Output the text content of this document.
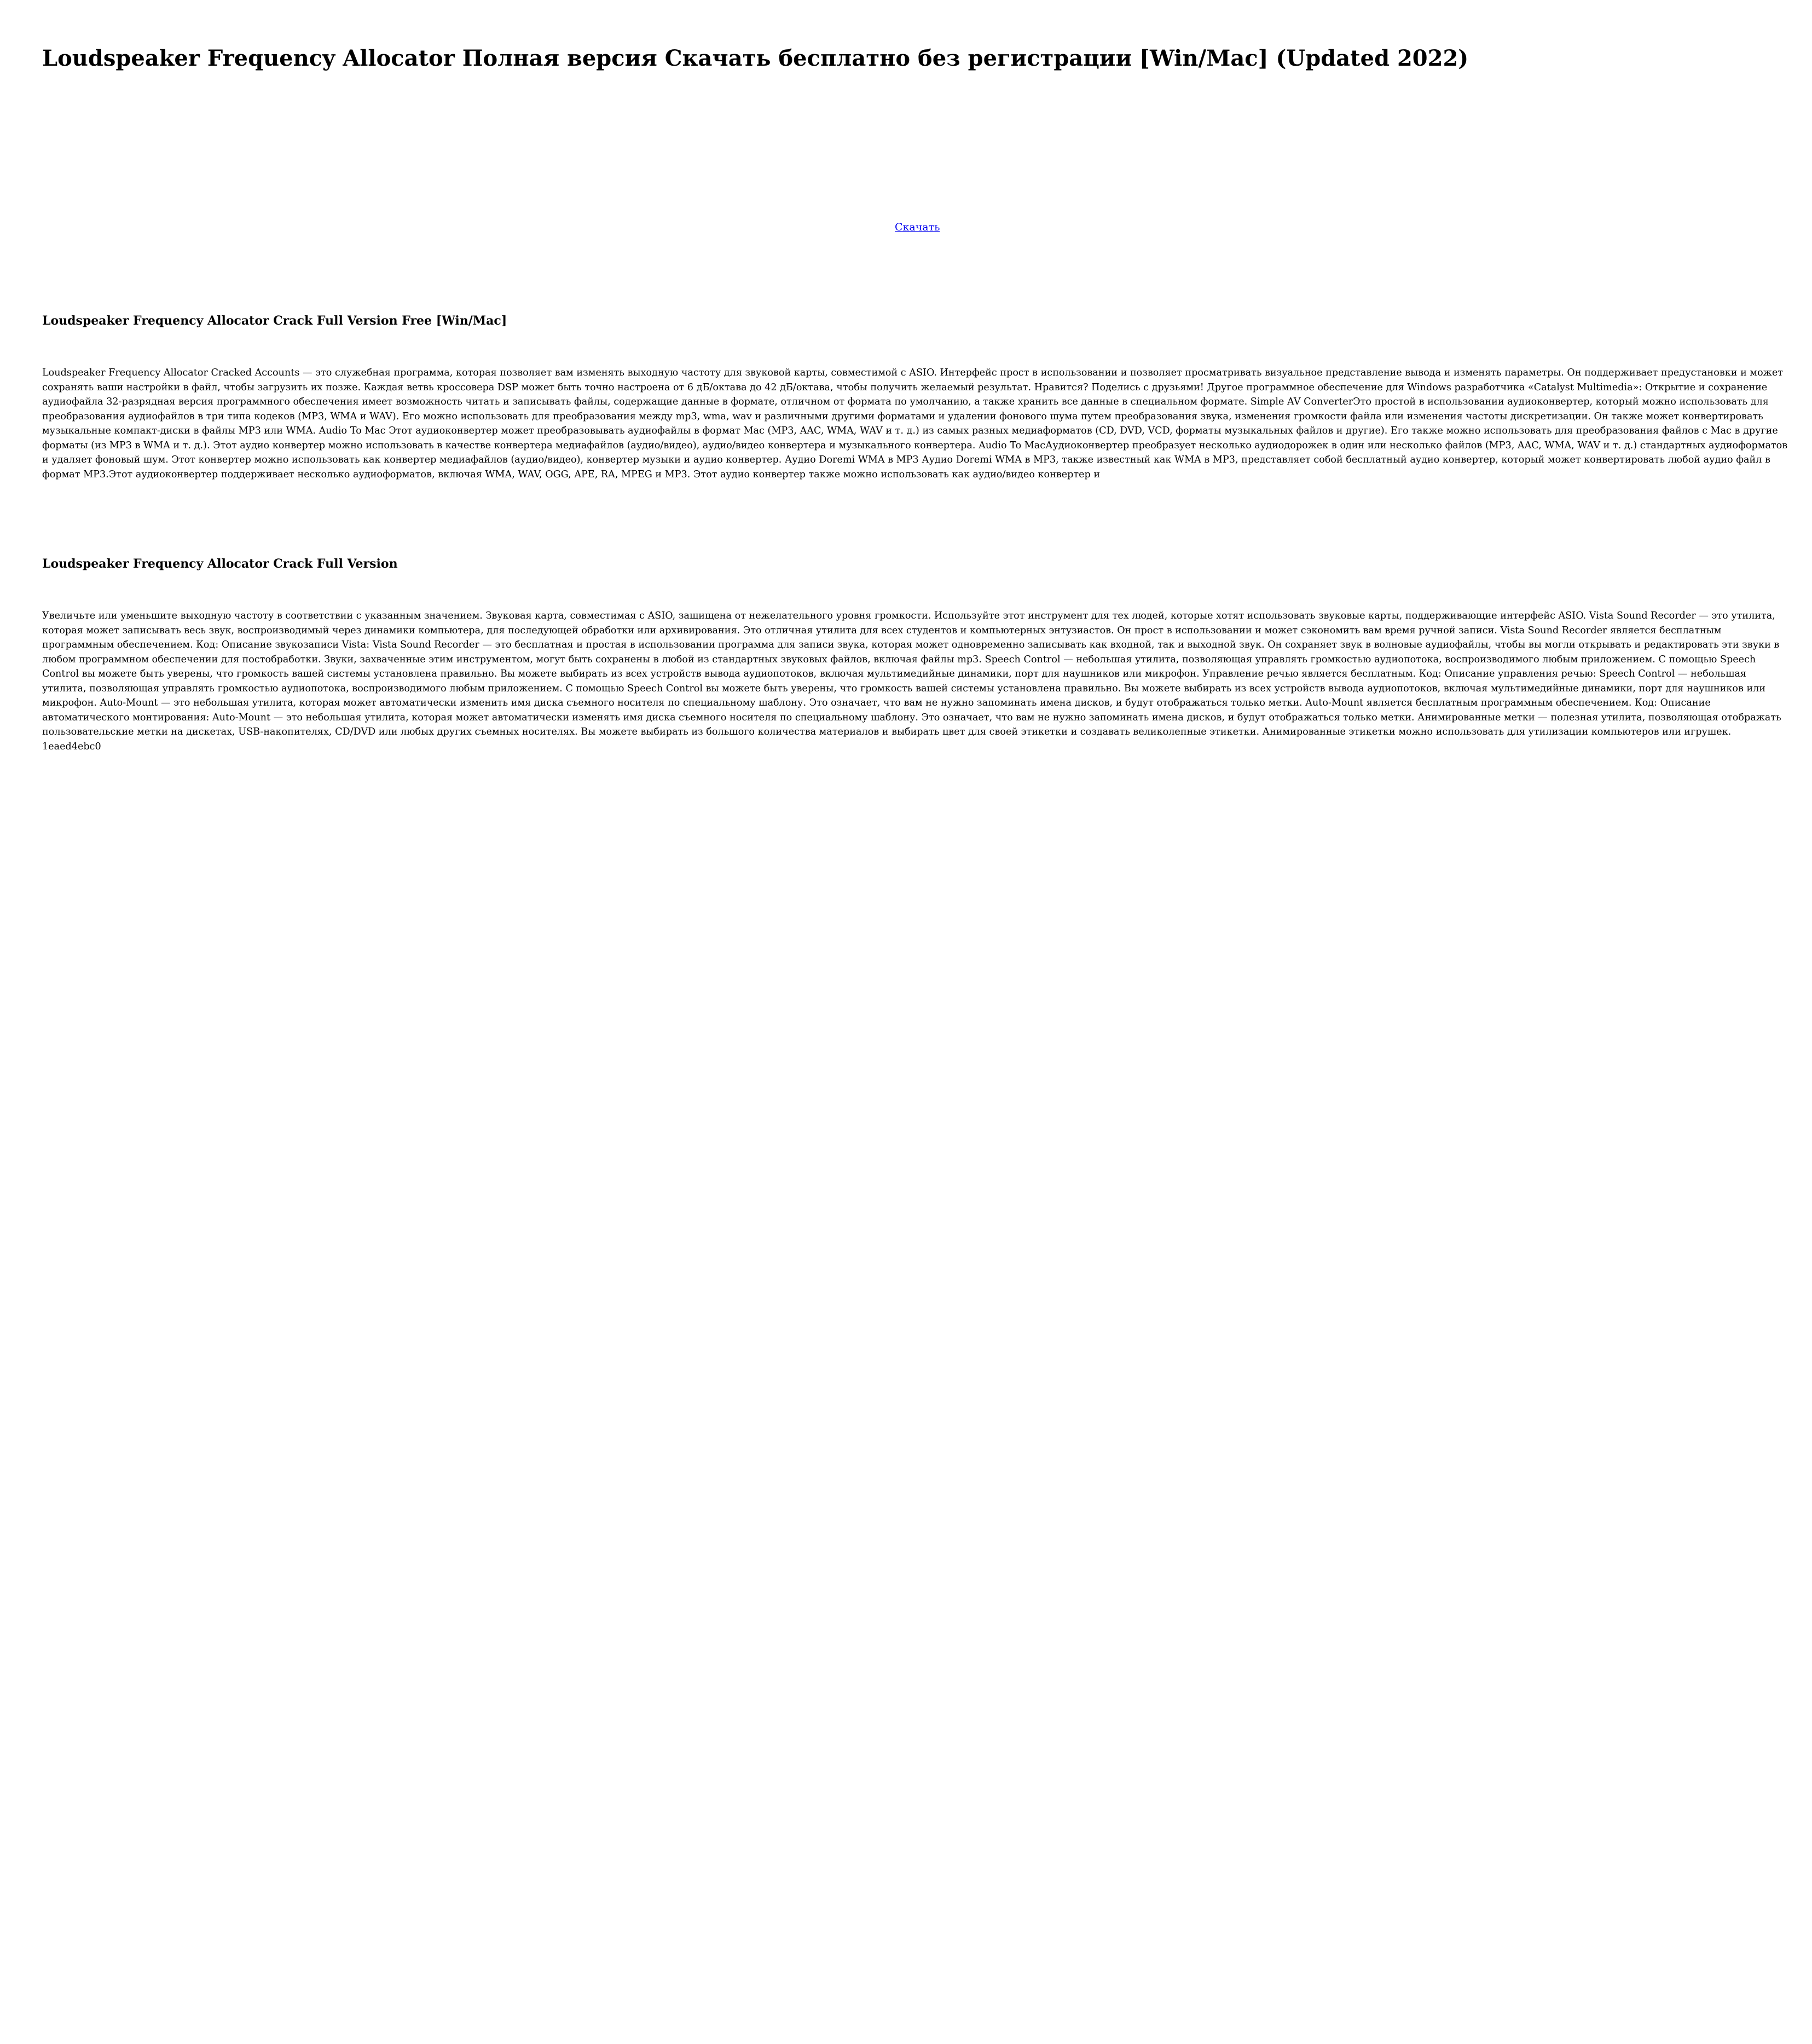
Loudspeaker Frequency Allocator Полная версия Скачать бесплатно без регистрации [Win/Mac] (Updated 2022)
Скачать
Loudspeaker Frequency Allocator Crack Full Version Free [Win/Mac]

Loudspeaker Frequency Allocator Cracked Accounts — это служебная программа, которая позволяет вам изменять выходную частоту для звуковой карты, совместимой с ASIO. Интерфейс прост в использовании и позволяет просматривать визуальное представление вывода и изменять параметры. Он поддерживает предустановки и может сохранять ваши настройки в файл, чтобы загрузить их позже. Каждая ветвь кроссовера DSP может быть точно настроена от 6 дБ/октава до 42 дБ/октава, чтобы получить желаемый результат. Нравится? Поделись с друзьями! Другое программное обеспечение для Windows разработчика «Catalyst Multimedia»: Открытие и сохранение аудиофайла 32-разрядная версия программного обеспечения имеет возможность читать и записывать файлы, содержащие данные в формате, отличном от формата по умолчанию, а также хранить все данные в специальном формате. Simple AV ConverterЭто простой в использовании аудиоконвертер, который можно использовать для преобразования аудиофайлов в три типа кодеков (MP3, WMA и WAV). Его можно использовать для преобразования между mp3, wma, wav и различными другими форматами и удалении фонового шума путем преобразования звука, изменения громкости файла или изменения частоты дискретизации. Он также может конвертировать музыкальные компакт-диски в файлы MP3 или WMA. Audio To Mac Этот аудиоконвертер может преобразовывать аудиофайлы в формат Mac (MP3, AAC, WMA, WAV и т. д.) из самых разных медиаформатов (CD, DVD, VCD, форматы музыкальных файлов и другие). Его также можно использовать для преобразования файлов с Mac в другие форматы (из MP3 в WMA и т. д.). Этот аудио конвертер можно использовать в качестве конвертера медиафайлов (аудио/видео), аудио/видео конвертера и музыкального конвертера. Audio To MacАудиоконвертер преобразует несколько аудиодорожек в один или несколько файлов (MP3, AAC, WMA, WAV и т. д.) стандартных аудиоформатов и удаляет фоновый шум. Этот конвертер можно использовать как конвертер медиафайлов (аудио/видео), конвертер музыки и аудио конвертер. Аудио Doremi WMA в MP3 Аудио Doremi WMA в MP3, также известный как WMA в MP3, представляет собой бесплатный аудио конвертер, который может конвертировать любой аудио файл в формат MP3.Этот аудиоконвертер поддерживает несколько аудиоформатов, включая WMA, WAV, OGG, APE, RA, MPEG и MP3. Этот аудио конвертер также можно использовать как аудио/видео конвертер и

Loudspeaker Frequency Allocator Crack Full Version

Увеличьте или уменьшите выходную частоту в соответствии с указанным значением. Звуковая карта, совместимая с ASIO, защищена от нежелательного уровня громкости. Используйте этот инструмент для тех людей, которые хотят использовать звуковые карты, поддерживающие интерфейс ASIO. Vista Sound Recorder — это утилита, которая может записывать весь звук, воспроизводимый через динамики компьютера, для последующей обработки или архивирования. Это отличная утилита для всех студентов и компьютерных энтузиастов. Он прост в использовании и может сэкономить вам время ручной записи. Vista Sound Recorder является бесплатным программным обеспечением. Код: Описание звукозаписи Vista: Vista Sound Recorder — это бесплатная и простая в использовании программа для записи звука, которая может одновременно записывать как входной, так и выходной звук. Он сохраняет звук в волновые аудиофайлы, чтобы вы могли открывать и редактировать эти звуки в любом программном обеспечении для постобработки. Звуки, захваченные этим инструментом, могут быть сохранены в любой из стандартных звуковых файлов, включая файлы mp3. Speech Control — небольшая утилита, позволяющая управлять громкостью аудиопотока, воспроизводимого любым приложением. С помощью Speech Control вы можете быть уверены, что громкость вашей системы установлена правильно. Вы можете выбирать из всех устройств вывода аудиопотоков, включая мультимедийные динамики, порт для наушников или микрофон. Управление речью является бесплатным. Код: Описание управления речью: Speech Control — небольшая утилита, позволяющая управлять громкостью аудиопотока, воспроизводимого любым приложением. С помощью Speech Control вы можете быть уверены, что громкость вашей системы установлена правильно. Вы можете выбирать из всех устройств вывода аудиопотоков, включая мультимедийные динамики, порт для наушников или микрофон. Auto-Mount — это небольшая утилита, которая может автоматически изменить имя диска съемного носителя по специальному шаблону. Это означает, что вам не нужно запоминать имена дисков, и будут отображаться только метки. Auto-Mount является бесплатным программным обеспечением. Код: Описание автоматического монтирования: Auto-Mount — это небольшая утилита, которая может автоматически изменять имя диска съемного носителя по специальному шаблону. Это означает, что вам не нужно запоминать имена дисков, и будут отображаться только метки. Анимированные метки — полезная утилита, позволяющая отображать пользовательские метки на дискетах, USB-накопителях, CD/DVD или любых других съемных носителях. Вы можете выбирать из большого количества материалов и выбирать цвет для своей этикетки и создавать великолепные этикетки. Анимированные этикетки можно использовать для утилизации компьютеров или игрушек. 1eaed4ebc0
